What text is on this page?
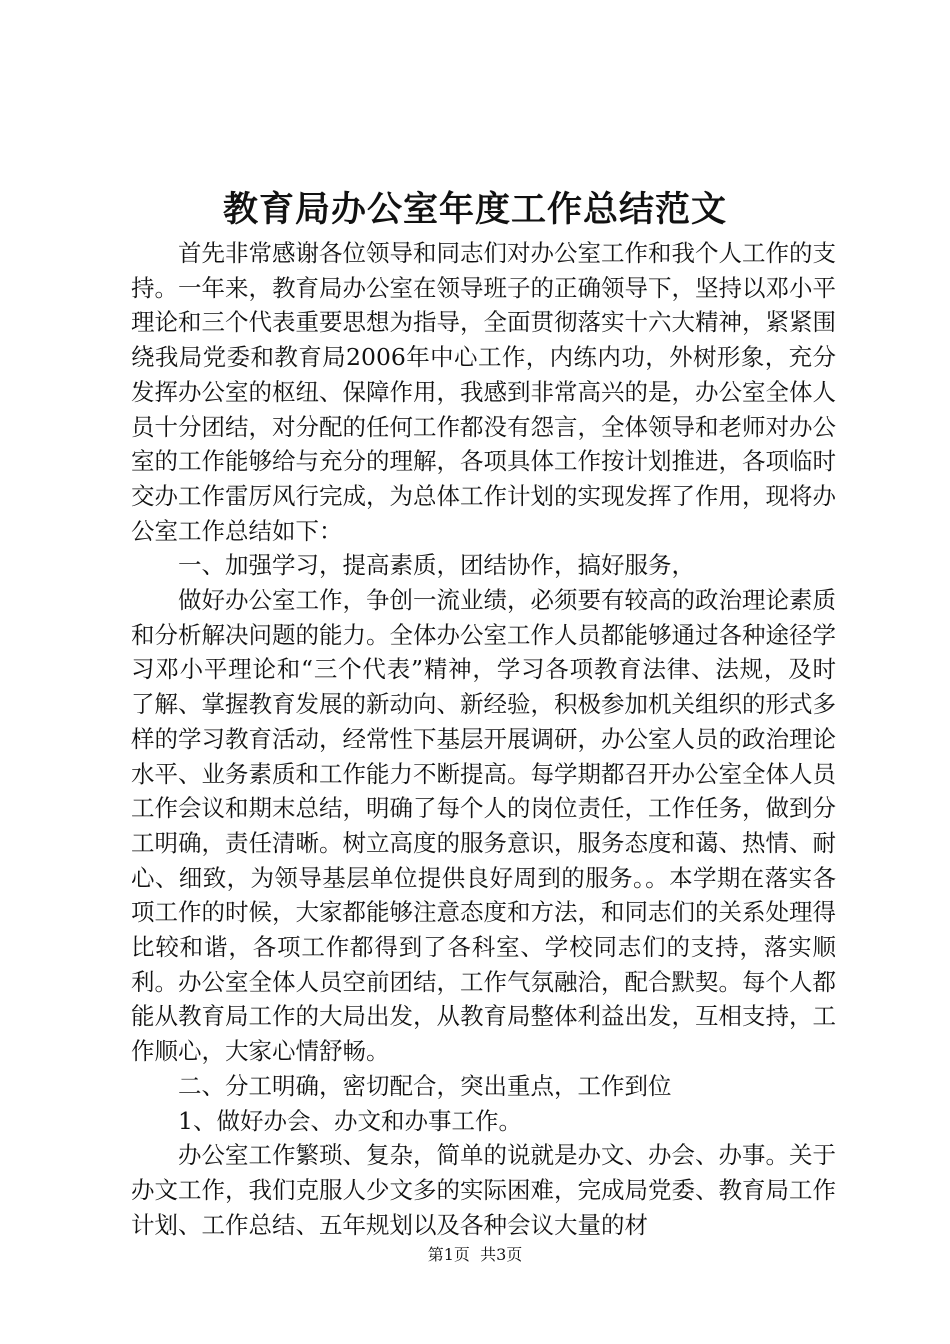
教育局办公室年度工作总结范文

首先非常感谢各位领导和同志们对办公室工作和我个人工作的支持。一年来，教育局办公室在领导班子的正确领导下，坚持以邓小平理论和三个代表重要思想为指导，全面贯彻落实十六大精神，紧紧围绕我局党委和教育局2006年中心工作，内练内功，外树形象，充分发挥办公室的枢纽、保障作用，我感到非常高兴的是，办公室全体人员十分团结，对分配的任何工作都没有怨言，全体领导和老师对办公室的工作能够给与充分的理解，各项具体工作按计划推进，各项临时交办工作雷厉风行完成，为总体工作计划的实现发挥了作用，现将办公室工作总结如下：

一、加强学习，提高素质，团结协作，搞好服务，

做好办公室工作，争创一流业绩，必须要有较高的政治理论素质和分析解决问题的能力。全体办公室工作人员都能够通过各种途径学习邓小平理论和“三个代表”精神，学习各项教育法律、法规，及时了解、掌握教育发展的新动向、新经验，积极参加机关组织的形式多样的学习教育活动，经常性下基层开展调研，办公室人员的政治理论水平、业务素质和工作能力不断提高。每学期都召开办公室全体人员工作会议和期末总结，明确了每个人的岗位责任，工作任务，做到分工明确，责任清晰。树立高度的服务意识，服务态度和蔼、热情、耐心、细致，为领导基层单位提供良好周到的服务。。本学期在落实各项工作的时候，大家都能够注意态度和方法，和同志们的关系处理得比较和谐，各项工作都得到了各科室、学校同志们的支持，落实顺利。办公室全体人员空前团结，工作气氛融洽，配合默契。每个人都能从教育局工作的大局出发，从教育局整体利益出发，互相支持，工作顺心，大家心情舒畅。

二、分工明确，密切配合，突出重点，工作到位

1、做好办会、办文和办事工作。

办公室工作繁琐、复杂，简单的说就是办文、办会、办事。关于办文工作，我们克服人少文多的实际困难，完成局党委、教育局工作计划、工作总结、五年规划以及各种会议大量的材

第1页  共3页
